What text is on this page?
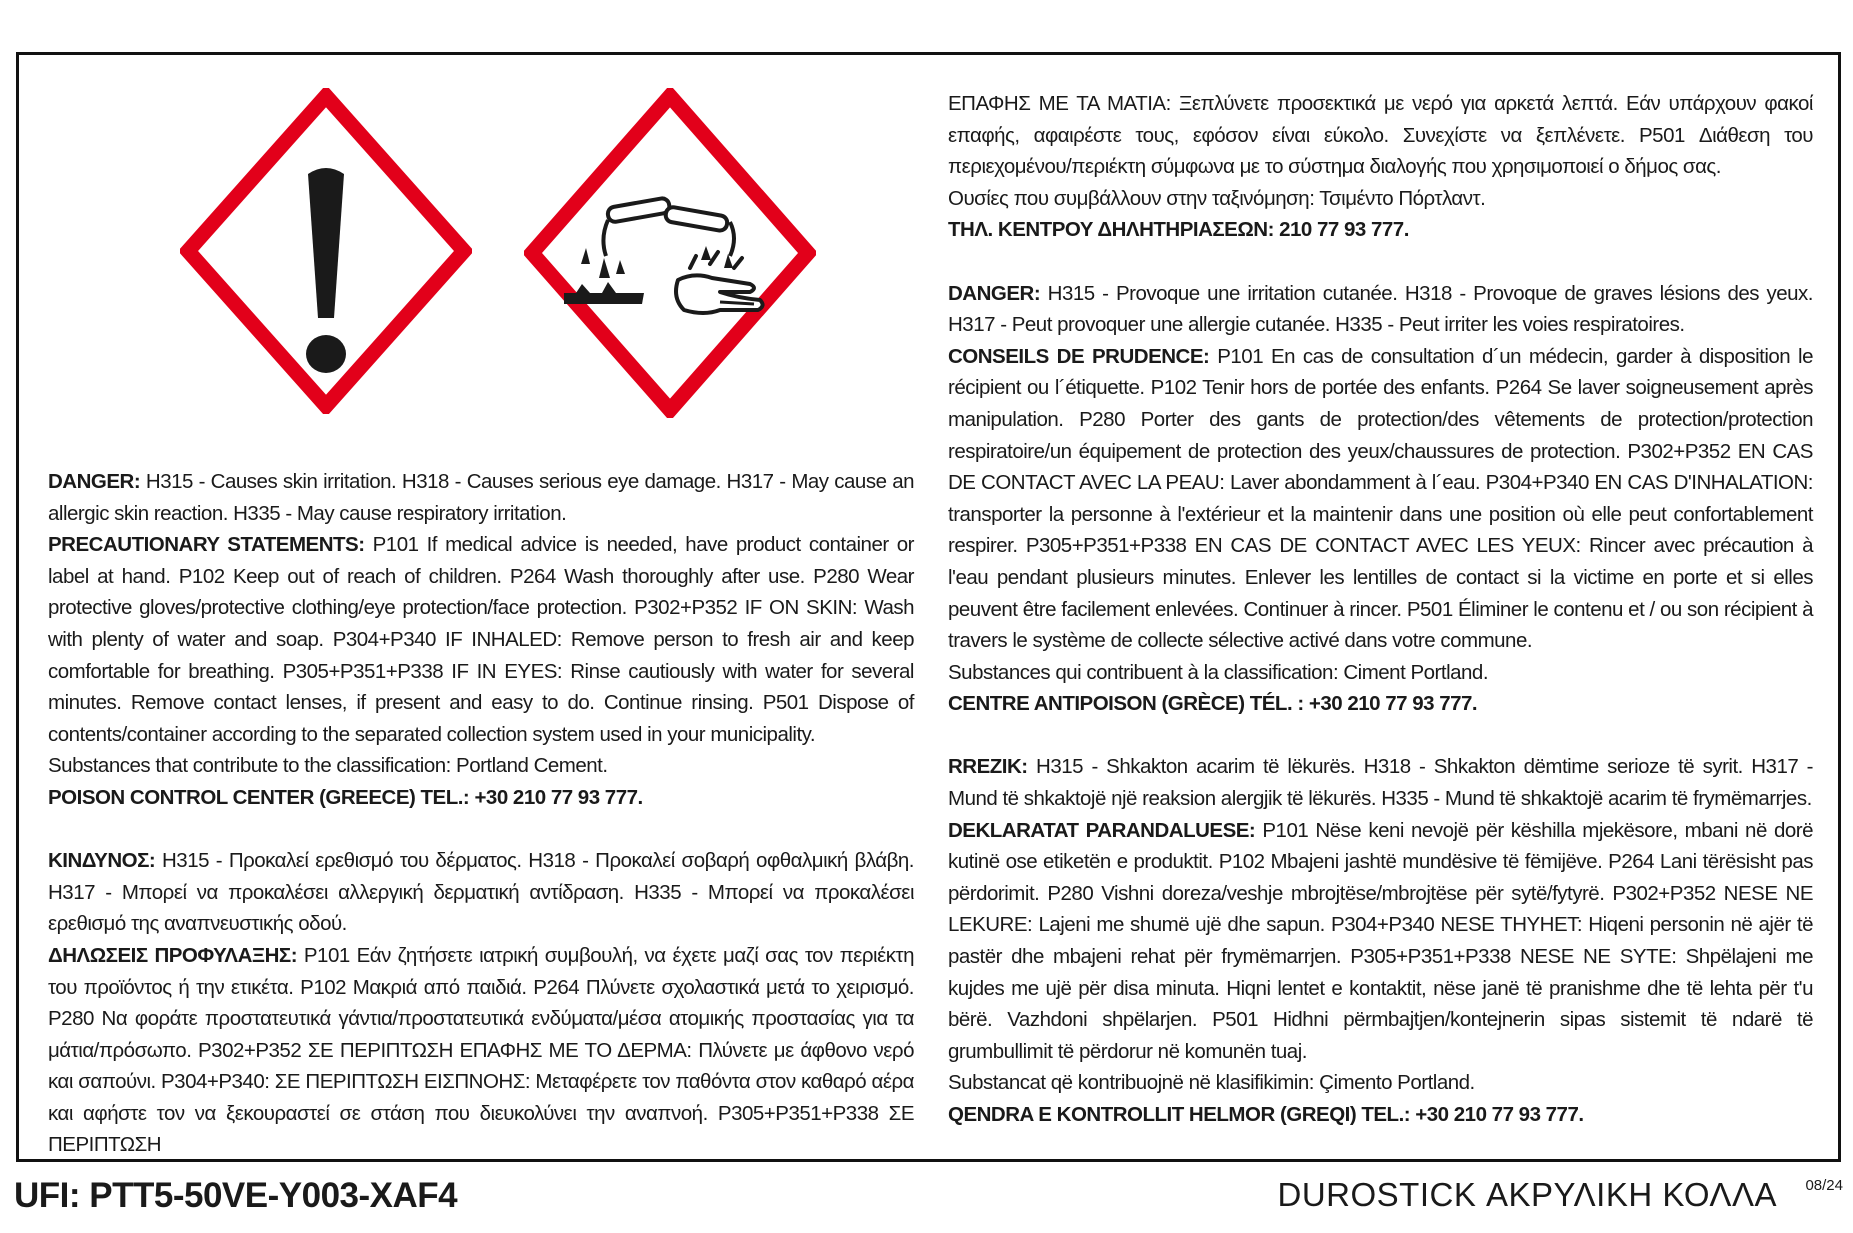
DANGER: H315 - Causes skin irritation. H318 - Causes serious eye damage. H317 - May cause an allergic skin reaction. H335 - May cause respiratory irritation.

PRECAUTIONARY STATEMENTS: P101 If medical advice is needed, have product container or label at hand. P102 Keep out of reach of children. P264 Wash thoroughly after use. P280 Wear protective gloves/protective clothing/eye protection/face protection. P302+P352 IF ON SKIN: Wash with plenty of water and soap. P304+P340 IF INHALED: Remove person to fresh air and keep comfortable for breathing. P305+P351+P338 IF IN EYES: Rinse cautiously with water for several minutes. Remove contact lenses, if present and easy to do. Continue rinsing. P501 Dispose of contents/container according to the separated collection system used in your municipality.

Substances that contribute to the classification: Portland Cement.

POISON CONTROL CENTER (GREECE) TEL.: +30 210 77 93 777.

ΚΙΝΔΥΝΟΣ: H315 - Προκαλεί ερεθισμό του δέρματος. H318 - Προκαλεί σοβαρή οφθαλμική βλάβη. H317 - Μπορεί να προκαλέσει αλλεργική δερματική αντίδραση. H335 - Μπορεί να προκαλέσει ερεθισμό της αναπνευστικής οδού.

ΔΗΛΩΣΕΙΣ ΠΡΟΦΥΛΑΞΗΣ: P101 Εάν ζητήσετε ιατρική συμβουλή, να έχετε μαζί σας τον περιέκτη του προϊόντος ή την ετικέτα. P102 Μακριά από παιδιά. P264 Πλύνετε σχολαστικά μετά το χειρισμό. P280 Να φοράτε προστατευτικά γάντια/προστατευτικά ενδύματα/μέσα ατομικής προστασίας για τα μάτια/πρόσωπο. P302+P352 ΣΕ ΠΕΡΙΠΤΩΣΗ ΕΠΑΦΗΣ ΜΕ ΤΟ ΔΕΡΜΑ: Πλύνετε με άφθονο νερό και σαπούνι. P304+P340: ΣΕ ΠΕΡΙΠΤΩΣΗ ΕΙΣΠΝΟΗΣ: Μεταφέρετε τον παθόντα στον καθαρό αέρα και αφήστε τον να ξεκουραστεί σε στάση που διευκολύνει την αναπνοή. P305+P351+P338 ΣΕ ΠΕΡΙΠΤΩΣΗ

ΕΠΑΦΗΣ ΜΕ ΤΑ ΜΑΤΙΑ: Ξεπλύνετε προσεκτικά με νερό για αρκετά λεπτά. Εάν υπάρχουν φακοί επαφής, αφαιρέστε τους, εφόσον είναι εύκολο. Συνεχίστε να ξεπλένετε. P501 Διάθεση του περιεχομένου/περιέκτη σύμφωνα με το σύστημα διαλογής που χρησιμοποιεί ο δήμος σας.

Ουσίες που συμβάλλουν στην ταξινόμηση: Τσιμέντο Πόρτλαντ.

ΤΗΛ. ΚΕΝΤΡΟΥ ΔΗΛΗΤΗΡΙΑΣΕΩΝ: 210 77 93 777.

DANGER: H315 - Provoque une irritation cutanée. H318 - Provoque de graves lésions des yeux. H317 - Peut provoquer une allergie cutanée. H335 - Peut irriter les voies respiratoires.

CONSEILS DE PRUDENCE: P101 En cas de consultation d´un médecin, garder à disposition le récipient ou l´étiquette. P102 Tenir hors de portée des enfants. P264 Se laver soigneusement après manipulation. P280 Porter des gants de protection/des vêtements de protection/protection respiratoire/un équipement de protection des yeux/chaussures de protection. P302+P352 EN CAS DE CONTACT AVEC LA PEAU: Laver abondamment à l´eau. P304+P340 EN CAS D'INHALATION: transporter la personne à l'extérieur et la maintenir dans une position où elle peut confortablement respirer. P305+P351+P338 EN CAS DE CONTACT AVEC LES YEUX: Rincer avec précaution à l'eau pendant plusieurs minutes. Enlever les lentilles de contact si la victime en porte et si elles peuvent être facilement enlevées. Continuer à rincer. P501 Éliminer le contenu et / ou son récipient à travers le système de collecte sélective activé dans votre commune.

Substances qui contribuent à la classification: Ciment Portland.

CENTRE ANTIPOISON (GRÈCE) TÉL. : +30 210 77 93 777.

RREZIK: H315 - Shkakton acarim të lëkurës. H318 - Shkakton dëmtime serioze të syrit. H317 - Mund të shkaktojë një reaksion alergjik të lëkurës. H335 - Mund të shkaktojë acarim të frymëmarrjes.

DEKLARATAT PARANDALUESE: P101 Nëse keni nevojë për këshilla mjekësore, mbani në dorë kutinë ose etiketën e produktit. P102 Mbajeni jashtë mundësive të fëmijëve. P264 Lani tërësisht pas përdorimit. P280 Vishni doreza/veshje mbrojtëse/mbrojtëse për sytë/fytyrë. P302+P352 NESE NE LEKURE: Lajeni me shumë ujë dhe sapun. P304+P340 NESE THYHET: Hiqeni personin në ajër të pastër dhe mbajeni rehat për frymëmarrjen. P305+P351+P338 NESE NE SYTE: Shpëlajeni me kujdes me ujë për disa minuta. Hiqni lentet e kontaktit, nëse janë të pranishme dhe të lehta për t'u bërë. Vazhdoni shpëlarjen. P501 Hidhni përmbajtjen/kontejnerin sipas sistemit të ndarë të grumbullimit të përdorur në komunën tuaj.

Substancat që kontribuojnë në klasifikimin: Çimento Portland.

QENDRA E KONTROLLIT HELMOR (GREQI) TEL.: +30 210 77 93 777.

UFI: PTT5-50VE-Y003-XAF4	DUROSTICK ΑΚΡΥΛΙΚΗ ΚΟΛΛΑ 08/24
